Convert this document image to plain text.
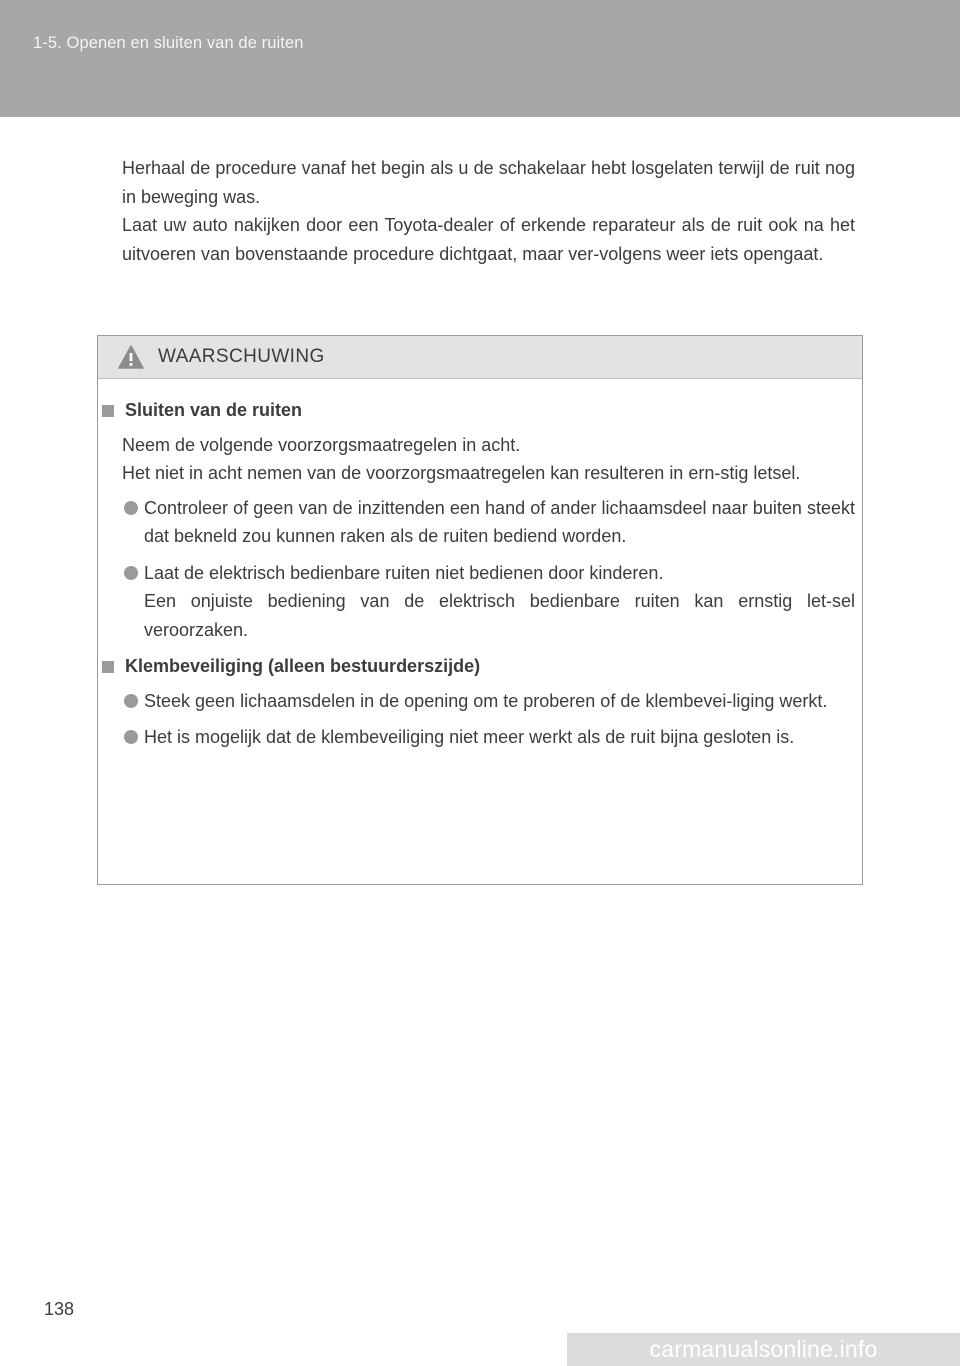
1-5. Openen en sluiten van de ruiten

Herhaal de procedure vanaf het begin als u de schakelaar hebt losgelaten terwijl de ruit nog in beweging was.

Laat uw auto nakijken door een Toyota-dealer of erkende reparateur als de ruit ook na het uitvoeren van bovenstaande procedure dichtgaat, maar ver-volgens weer iets opengaat.

WAARSCHUWING
Sluiten van de ruiten

Neem de volgende voorzorgsmaatregelen in acht.

Het niet in acht nemen van de voorzorgsmaatregelen kan resulteren in ern-stig letsel.

Controleer of geen van de inzittenden een hand of ander lichaamsdeel naar buiten steekt dat bekneld zou kunnen raken als de ruiten bediend worden.

Laat de elektrisch bedienbare ruiten niet bedienen door kinderen.

Een onjuiste bediening van de elektrisch bedienbare ruiten kan ernstig let-sel veroorzaken.

Klembeveiliging (alleen bestuurderszijde)

Steek geen lichaamsdelen in de opening om te proberen of de klembevei-liging werkt.

Het is mogelijk dat de klembeveiliging niet meer werkt als de ruit bijna gesloten is.

138
carmanualsonline.info
